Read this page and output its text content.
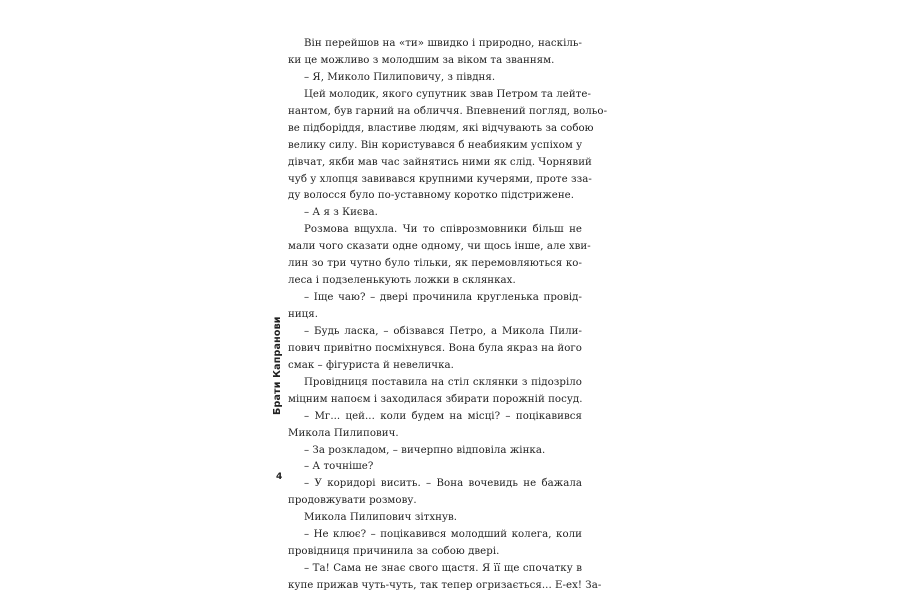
Він перейшов на «ти» швидко і природно, наскіль-
ки це можливо з молодшим за віком та званням.
– Я, Миколо Пилиповичу, з півдня.
Цей молодик, якого супутник звав Петром та лейте-
нантом, був гарний на обличчя. Впевнений погляд, вольо-
ве підборіддя, властиве людям, які відчувають за собою
велику силу. Він користувався б неабияким успіхом у
дівчат, якби мав час зайнятись ними як слід. Чорнявий
чуб у хлопця завивався крупними кучерями, проте зза-
ду волосся було по-уставному коротко підстрижене.
– А я з Києва.
Розмова вщухла. Чи то співрозмовники більш не
мали чого сказати одне одному, чи щось інше, але хви-
лин зо три чутно було тільки, як перемовляються ко-
леса і подзеленькують ложки в склянках.
– Іще чаю? – двері прочинила кругленька провід-
ниця.
– Будь ласка, – обізвався Петро, а Микола Пили-
пович привітно посміхнувся. Вона була якраз на його
смак – фігуриста й невеличка.
Провідниця поставила на стіл склянки з підозріло
міцним напоєм і заходилася збирати порожній посуд.
– Мг... цей... коли будем на місці? – поцікавився
Микола Пилипович.
– За розкладом, – вичерпно відповіла жінка.
– А точніше?
– У коридорі висить. – Вона вочевидь не бажала
продовжувати розмову.
Микола Пилипович зітхнув.
– Не клює? – поцікавився молодший колега, коли
провідниця причинила за собою двері.
– Та! Сама не знає свого щастя. Я її ще спочатку в
купе прижав чуть-чуть, так тепер огризається... Е-ех! За-
Брати Капранови
4
